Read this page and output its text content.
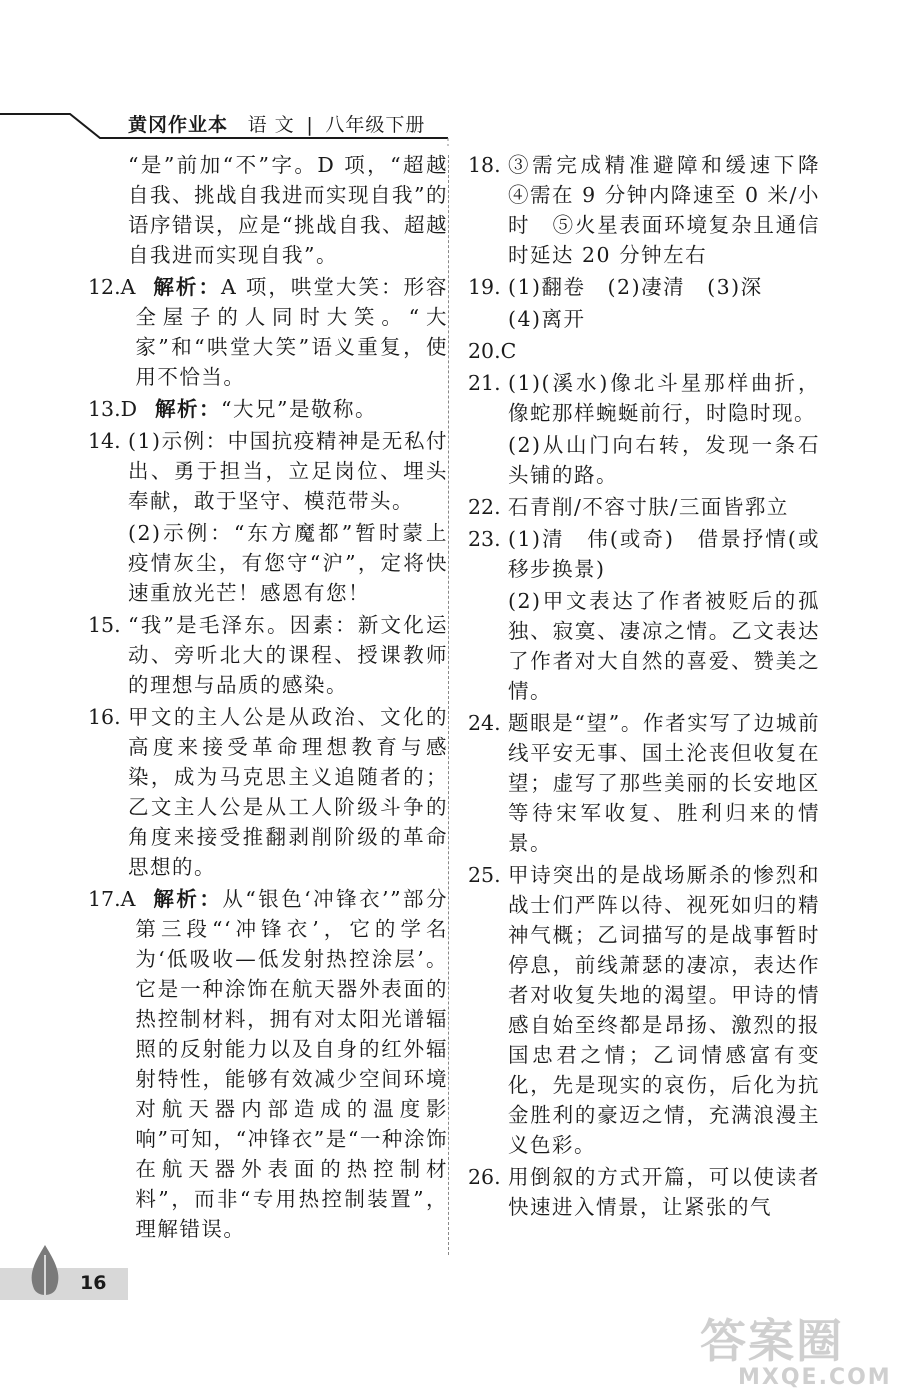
黄冈作业本 语 文 | 八年级下册
“是”前加“不”字。D 项，“超越自我、挑战自我进而实现自我”的语序错误，应是“挑战自我、超越自我进而实现自我”。
12.A 解析：A 项，哄堂大笑：形容全屋子的人同时大笑。“大家”和“哄堂大笑”语义重复，使用不恰当。
13.D 解析：“大兄”是敬称。
14. (1)示例：中国抗疫精神是无私付出、勇于担当，立足岗位、埋头奉献，敢于坚守、模范带头。
(2)示例：“东方魔都”暂时蒙上疫情灰尘，有您守“沪”，定将快速重放光芒！感恩有您！
15. “我”是毛泽东。因素：新文化运动、旁听北大的课程、授课教师的理想与品质的感染。
16. 甲文的主人公是从政治、文化的高度来接受革命理想教育与感染，成为马克思主义追随者的；乙文主人公是从工人阶级斗争的角度来接受推翻剥削阶级的革命思想的。
17.A 解析：从“银色‘冲锋衣’”部分第三段“‘冲锋衣’，它的学名为‘低吸收—低发射热控涂层’。它是一种涂饰在航天器外表面的热控制材料，拥有对太阳光谱辐照的反射能力以及自身的红外辐射特性，能够有效减少空间环境对航天器内部造成的温度影响”可知，“冲锋衣”是“一种涂饰在航天器外表面的热控制材料”，而非“专用热控制装置”，理解错误。
18. ③需完成精准避障和缓速下降　④需在 9 分钟内降速至 0 米/小时　⑤火星表面环境复杂且通信时延达 20 分钟左右
19. (1)翻卷　(2)凄清　(3)深
(4)离开
20.C
21. (1)(溪水)像北斗星那样曲折，像蛇那样蜿蜒前行，时隐时现。
(2)从山门向右转，发现一条石头铺的路。
22. 石青削/不容寸肤/三面皆郛立
23. (1)清　伟(或奇)　借景抒情(或移步换景)
(2)甲文表达了作者被贬后的孤独、寂寞、凄凉之情。乙文表达了作者对大自然的喜爱、赞美之情。
24. 题眼是“望”。作者实写了边城前线平安无事、国土沦丧但收复在望；虚写了那些美丽的长安地区等待宋军收复、胜利归来的情景。
25. 甲诗突出的是战场厮杀的惨烈和战士们严阵以待、视死如归的精神气概；乙词描写的是战事暂时停息，前线萧瑟的凄凉，表达作者对收复失地的渴望。甲诗的情感自始至终都是昂扬、激烈的报国忠君之情；乙词情感富有变化，先是现实的哀伤，后化为抗金胜利的豪迈之情，充满浪漫主义色彩。
26. 用倒叙的方式开篇，可以使读者快速进入情景，让紧张的气
16
答案圈
MXQE.COM
